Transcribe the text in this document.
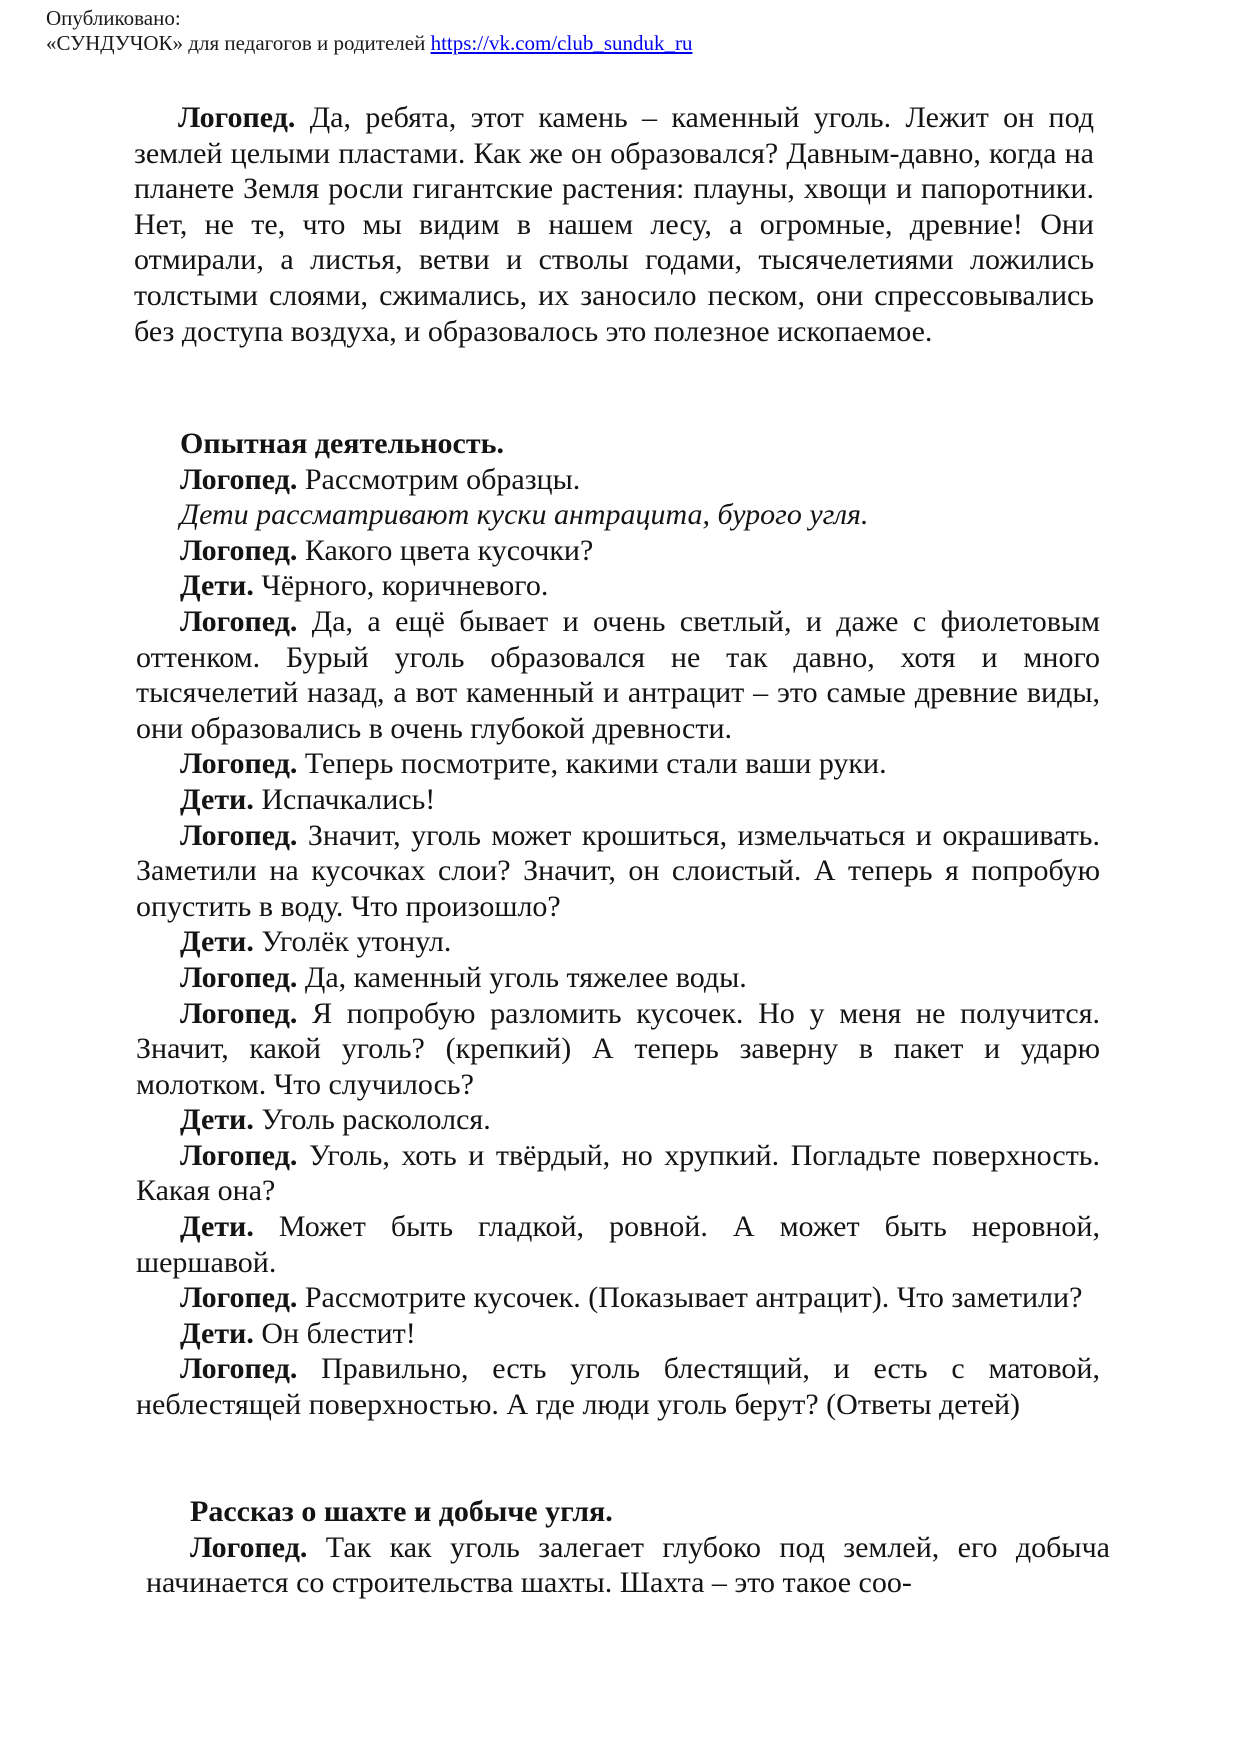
Опубликовано:
«СУНДУЧОК» для педагогов и родителей https://vk.com/club_sunduk_ru

Логопед. Да, ребята, этот камень – каменный уголь. Лежит он под землей целыми пластами. Как же он образовался? Давным-давно, когда на планете Земля росли гигантские растения: плауны, хвощи и папоротники. Нет, не те, что мы видим в нашем лесу, а огромные, древние! Они отмирали, а листья, ветви и стволы годами, тысячелетиями ложились толстыми слоями, сжимались, их заносило песком, они спрессовывались без доступа воздуха, и образовалось это полезное ископаемое.

Опытная деятельность.

Логопед. Рассмотрим образцы.

Дети рассматривают куски антрацита, бурого угля.

Логопед. Какого цвета кусочки?

Дети. Чёрного, коричневого.

Логопед. Да, а ещё бывает и очень светлый, и даже с фиолетовым оттенком. Бурый уголь образовался не так давно, хотя и много тысячелетий назад, а вот каменный и антрацит – это самые древние виды, они образовались в очень глубокой древности.

Логопед. Теперь посмотрите, какими стали ваши руки.

Дети. Испачкались!

Логопед. Значит, уголь может крошиться, измельчаться и окрашивать. Заметили на кусочках слои? Значит, он слоистый. А теперь я попробую опустить в воду. Что произошло?

Дети. Уголёк утонул.

Логопед. Да, каменный уголь тяжелее воды.

Логопед. Я попробую разломить кусочек. Но у меня не получится. Значит, какой уголь? (крепкий) А теперь заверну в пакет и ударю молотком. Что случилось?

Дети. Уголь раскололся.

Логопед. Уголь, хоть и твёрдый, но хрупкий. Погладьте поверхность. Какая она?

Дети. Может быть гладкой, ровной. А может быть неровной, шершавой.

Логопед. Рассмотрите кусочек. (Показывает антрацит). Что заметили?

Дети. Он блестит!

Логопед. Правильно, есть уголь блестящий, и есть с матовой, неблестящей поверхностью. А где люди уголь берут? (Ответы детей)

Рассказ о шахте и добыче угля.

Логопед. Так как уголь залегает глубоко под землей, его добыча начинается со строительства шахты. Шахта – это такое соо-
